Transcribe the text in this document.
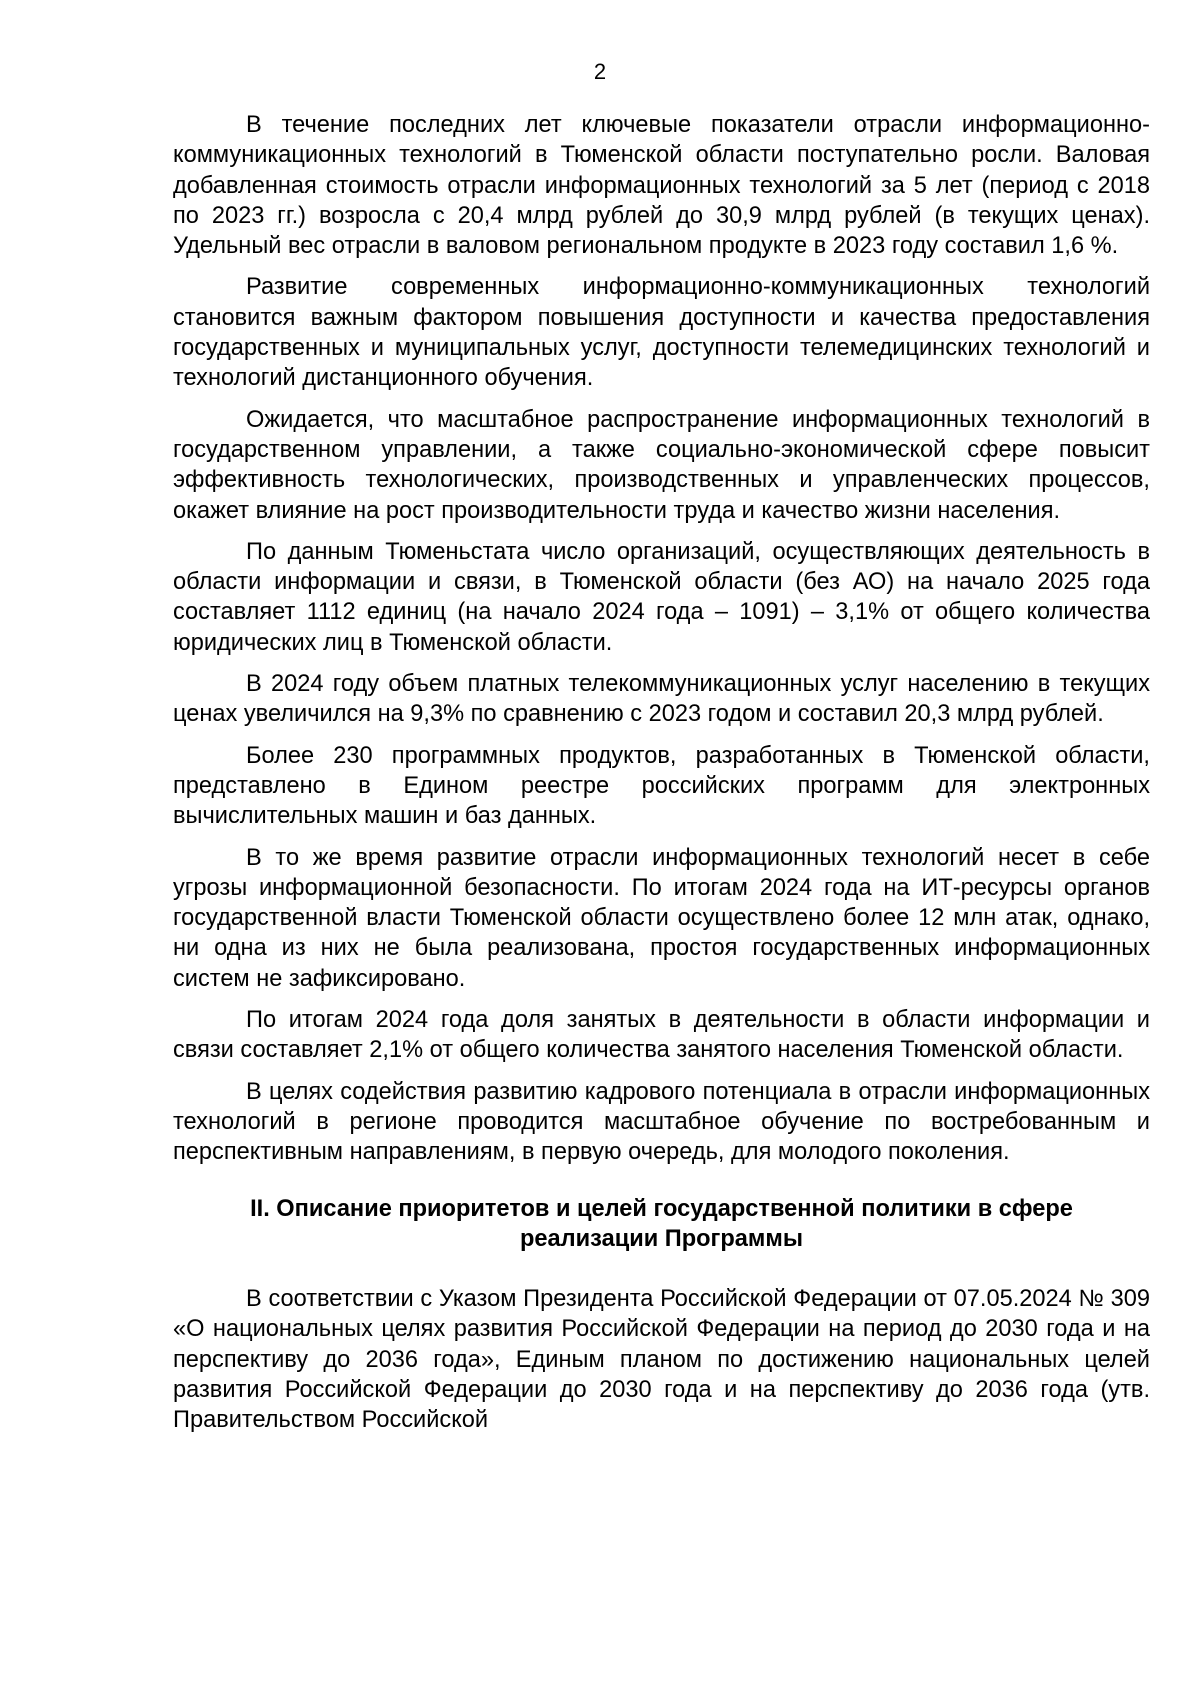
2

В течение последних лет ключевые показатели отрасли информационно-коммуникационных технологий в Тюменской области поступательно росли. Валовая добавленная стоимость отрасли информационных технологий за 5 лет (период с 2018 по 2023 гг.) возросла с 20,4 млрд рублей до 30,9 млрд рублей (в текущих ценах). Удельный вес отрасли в валовом региональном продукте в 2023 году составил 1,6 %.

Развитие современных информационно-коммуникационных технологий становится важным фактором повышения доступности и качества предоставления государственных и муниципальных услуг, доступности телемедицинских технологий и технологий дистанционного обучения.

Ожидается, что масштабное распространение информационных технологий в государственном управлении, а также социально-экономической сфере повысит эффективность технологических, производственных и управленческих процессов, окажет влияние на рост производительности труда и качество жизни населения.

По данным Тюменьстата число организаций, осуществляющих деятельность в области информации и связи, в Тюменской области (без АО) на начало 2025 года составляет 1112 единиц (на начало 2024 года – 1091) – 3,1% от общего количества юридических лиц в Тюменской области.

В 2024 году объем платных телекоммуникационных услуг населению в текущих ценах увеличился на 9,3% по сравнению с 2023 годом и составил 20,3 млрд рублей.

Более 230 программных продуктов, разработанных в Тюменской области, представлено в Едином реестре российских программ для электронных вычислительных машин и баз данных.

В то же время развитие отрасли информационных технологий несет в себе угрозы информационной безопасности. По итогам 2024 года на ИТ-ресурсы органов государственной власти Тюменской области осуществлено более 12 млн атак, однако, ни одна из них не была реализована, простоя государственных информационных систем не зафиксировано.

По итогам 2024 года доля занятых в деятельности в области информации и связи составляет 2,1% от общего количества занятого населения Тюменской области.

В целях содействия развитию кадрового потенциала в отрасли информационных технологий в регионе проводится масштабное обучение по востребованным и перспективным направлениям, в первую очередь, для молодого поколения.

II. Описание приоритетов и целей государственной политики в сфере реализации Программы

В соответствии с Указом Президента Российской Федерации от 07.05.2024 № 309 «О национальных целях развития Российской Федерации на период до 2030 года и на перспективу до 2036 года», Единым планом по достижению национальных целей развития Российской Федерации до 2030 года и на перспективу до 2036 года (утв. Правительством Российской
